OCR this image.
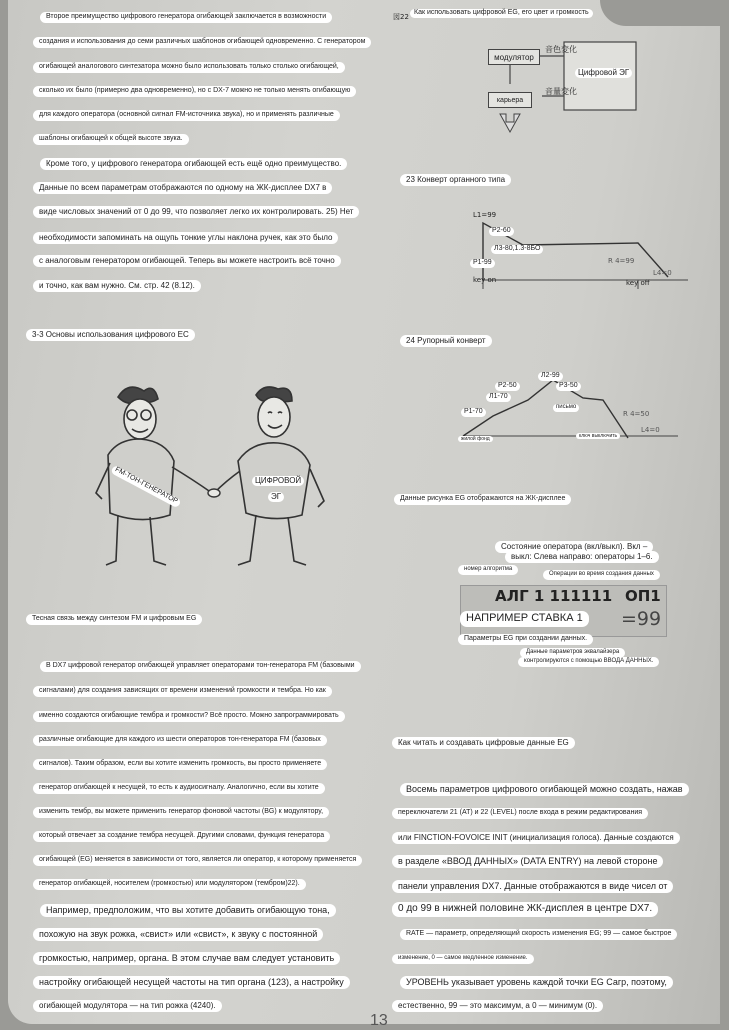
Второе преимущество цифрового генератора огибающей заключается в возможности
создания и использования до семи различных шаблонов огибающей одновременно. С генератором
огибающей аналогового синтезатора можно было использовать только столько огибающей,
сколько их было (примерно два одновременно), но с DX-7 можно не только менять огибающую
для каждого оператора (основной сигнал FM-источника звука), но и применять различные
шаблоны огибающей к общей высоте звука.
Кроме того, у цифрового генератора огибающей есть ещё одно преимущество.
Данные по всем параметрам отображаются по одному на ЖК-дисплее DX7 в
виде числовых значений от 0 до 99, что позволяет легко их контролировать. 25) Нет
необходимости запоминать на ощупь тонкие углы наклона ручек, как это было
с аналоговым генератором огибающей. Теперь вы можете настроить всё точно
и точно, как вам нужно. См. стр. 42 (8.12).
3-3 Основы использования цифрового ЕС
FM-ТОН-ГЕНЕРАТОР	ЦИФРОВОЙ
ЭГ
Тесная связь между синтезом FM и цифровым EG
В DX7 цифровой генератор огибающей управляет операторами тон-генератора FM (базовыми
сигналами) для создания зависящих от времени изменений громкости и тембра. Но как
именно создаются огибающие тембра и громкости? Всё просто. Можно запрограммировать
различные огибающие для каждого из шести операторов тон-генератора FM (базовых
сигналов). Таким образом, если вы хотите изменить громкость, вы просто применяете
генератор огибающей к несущей, то есть к аудиосигналу. Аналогично, если вы хотите
изменить тембр, вы можете применить генератор фоновой частоты (BG) к модулятору,
который отвечает за создание тембра несущей. Другими словами, функция генератора
огибающей (EG) меняется в зависимости от того, является ли оператор, к которому применяется
генератор огибающей, носителем (громкостью) или модулятором (тембром)22).
Например, предположим, что вы хотите добавить огибающую тона,
похожую на звук рожка, «свист» или «свист», к звуку с постоянной
громкостью, например, органа. В этом случае вам следует установить
настройку огибающей несущей частоты на тип органа (123), а настройку
огибающей модулятора — на тип рожка (4240).
図22
Как использовать цифровой EG, его цвет и громкость
модулятор
карьера
音色変化
音量変化
Цифровой ЭГ
23 Конверт органного типа
L1=99
P2-60
Л3-80,1.3-8БО
R 4=99
P1-99
L4=0
key on	key off
24 Рупорный конверт
Л2-99
P2-50	P3-50
Л1-70
P1-70
письмо
R 4=50
L4=0
жилой фонд	ключ выключить
Данные рисунка EG отображаются на ЖК-дисплее
Состояние оператора (вкл/выкл). Вкл –
выкл: Слева направо: операторы 1–6.
номер алгоритма
Операции во время создания данных
АЛГ 1 111111 ОП1
НАПРИМЕР СТАВКА 1	=99
Параметры EG при создании данных.
Данные параметров эквалайзера
контролируются с помощью ВВОДА ДАННЫХ.
Как читать и создавать цифровые данные EG
Восемь параметров цифрового огибающей можно создать, нажав
переключатели 21 (AT) и 22 (LEVEL) после входа в режим редактирования
или FINCTION-FOVOICE INIT (инициализация голоса). Данные создаются
в разделе «ВВОД ДАННЫХ» (DATA ENTRY) на левой стороне
панели управления DX7. Данные отображаются в виде чисел от
0 до 99 в нижней половине ЖК-дисплея в центре DX7.
RATE — параметр, определяющий скорость изменения EG; 99 — самое быстрое
изменение, 0 — самое медленное изменение.
УРОВЕНЬ указывает уровень каждой точки EG Сагр, поэтому,
естественно, 99 — это максимум, а 0 — минимум (0).
13
